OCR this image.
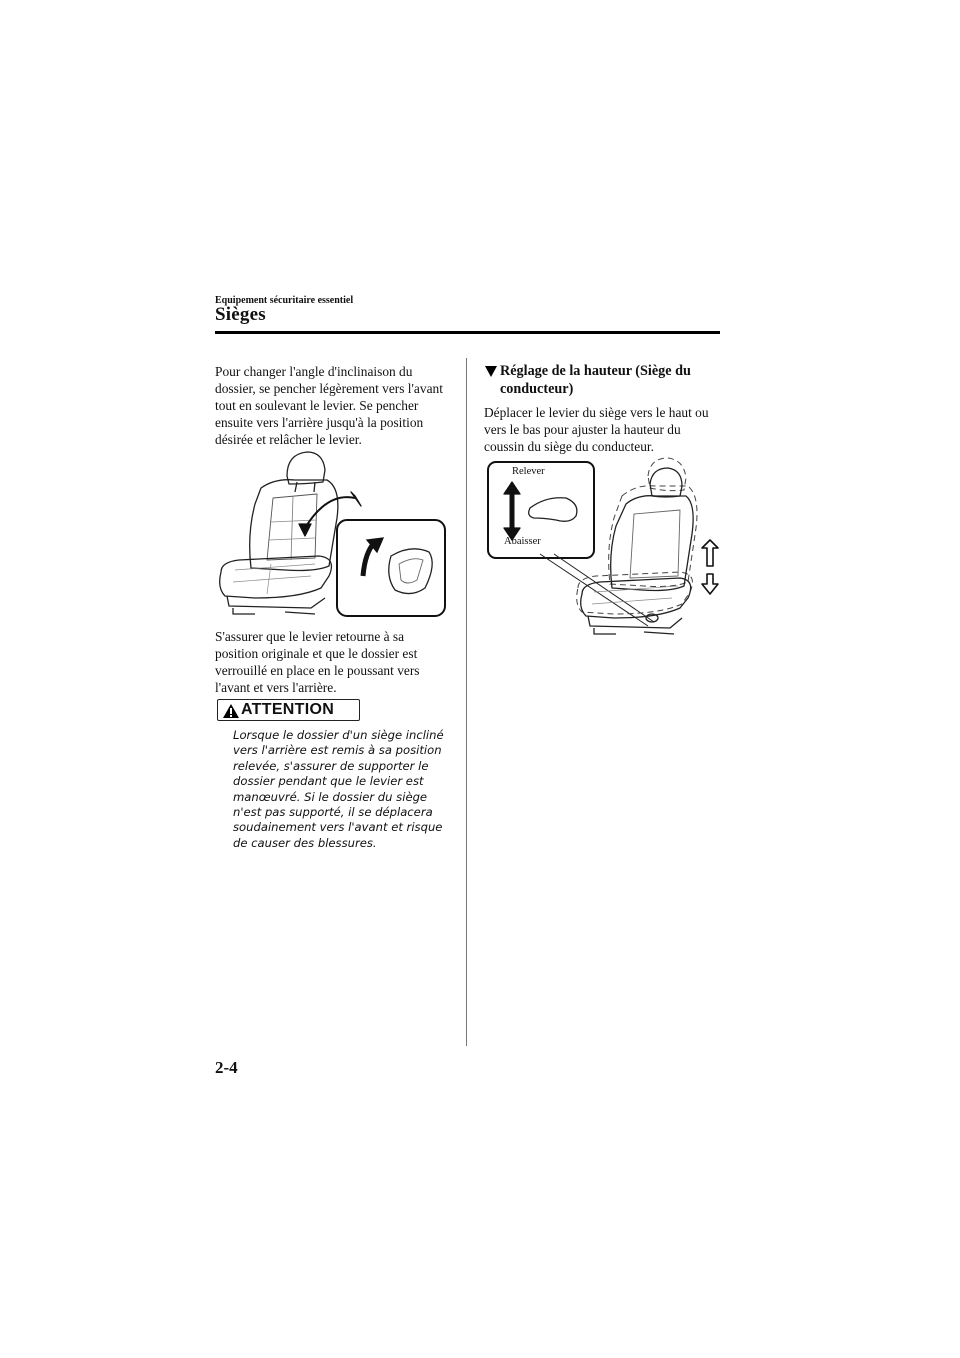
Equipement sécuritaire essentiel
Sièges

Pour changer l'angle d'inclinaison du
dossier, se pencher légèrement vers l'avant
tout en soulevant le levier. Se pencher
ensuite vers l'arrière jusqu'à la position
désirée et relâcher le levier.

S'assurer que le levier retourne à sa
position originale et que le dossier est
verrouillé en place en le poussant vers
l'avant et vers l'arrière.

ATTENTION

Lorsque le dossier d'un siège incliné
vers l'arrière est remis à sa position
relevée, s'assurer de supporter le
dossier pendant que le levier est
manœuvré. Si le dossier du siège
n'est pas supporté, il se déplacera
soudainement vers l'avant et risque
de causer des blessures.

Réglage de la hauteur (Siège du
conducteur)

Déplacer le levier du siège vers le haut ou
vers le bas pour ajuster la hauteur du
coussin du siège du conducteur.

Relever
Abaisser
2-4
